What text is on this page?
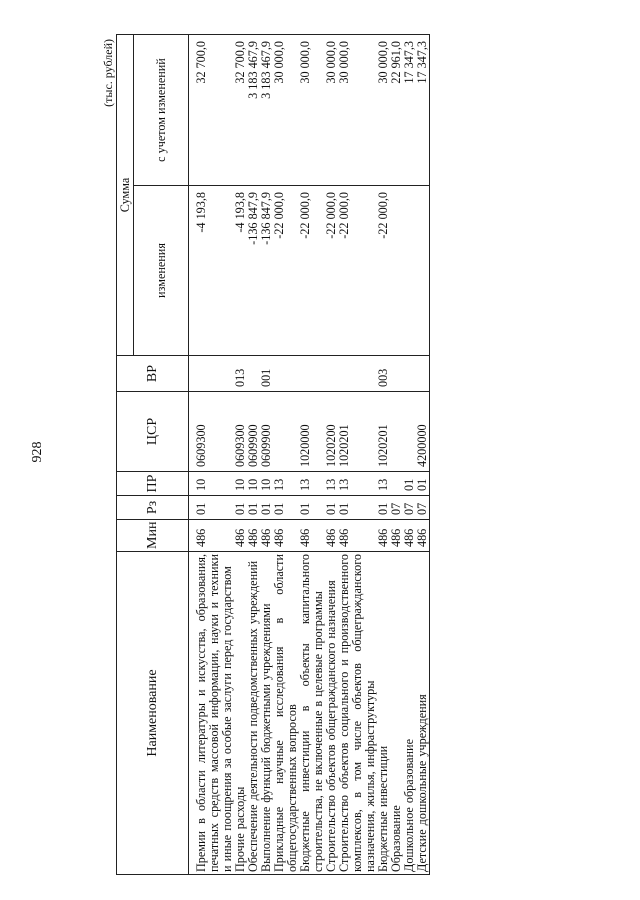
928
(тыс. рублей)
Наименование	Мин	Рз	ПР	ЦСР	ВР	Сумма	
						изменения	с учетом изменений

Премии в области литературы и искусства, образования, печатных средств массовой информации, науки и техники и иные поощрения за особые заслуги перед государством	486	01	10	0609300		-4 193,8	32 700,0
Прочие расходы	486	01	10	0609300	013	-4 193,8	32 700,0
Обеспечение деятельности подведомственных учреждений	486	01	10	0609900		-136 847,9	3 183 467,9
Выполнение функций бюджетными учреждениями	486	01	10	0609900	001	-136 847,9	3 183 467,9
Прикладные научные исследования в области общегосударственных вопросов	486	01	13			-22 000,0	30 000,0
Бюджетные инвестиции в объекты капитального строительства, не включенные в целевые программы	486	01	13	1020000		-22 000,0	30 000,0
Строительство объектов общегражданского назначения	486	01	13	1020200		-22 000,0	30 000,0
Строительство объектов социального и производственного комплексов, в том числе объектов общегражданского назначения, жилья, инфраструктуры	486	01	13	1020201		-22 000,0	30 000,0
Бюджетные инвестиции	486	01	13	1020201	003	-22 000,0	30 000,0
Образование	486	07					22 961,0
Дошкольное образование	486	07	01				17 347,3
Детские дошкольные учреждения	486	07	01	4200000			17 347,3
